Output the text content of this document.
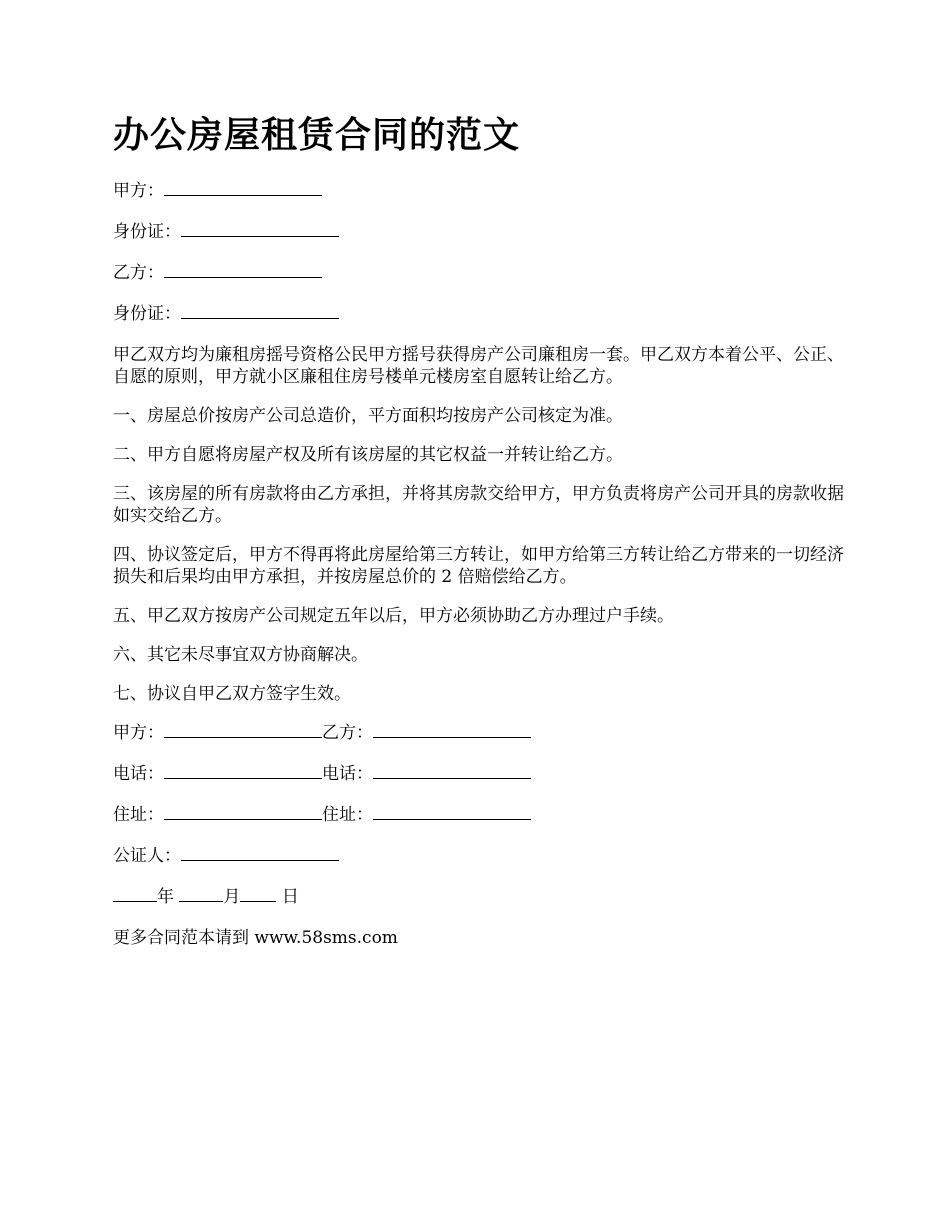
办公房屋租赁合同的范文
甲方：
身份证：
乙方：
身份证：
甲乙双方均为廉租房摇号资格公民甲方摇号获得房产公司廉租房一套。甲乙双方本着公平、公正、自愿的原则，甲方就小区廉租住房号楼单元楼房室自愿转让给乙方。
一、房屋总价按房产公司总造价，平方面积均按房产公司核定为准。
二、甲方自愿将房屋产权及所有该房屋的其它权益一并转让给乙方。
三、该房屋的所有房款将由乙方承担，并将其房款交给甲方，甲方负责将房产公司开具的房款收据如实交给乙方。
四、协议签定后，甲方不得再将此房屋给第三方转让，如甲方给第三方转让给乙方带来的一切经济损失和后果均由甲方承担，并按房屋总价的 2 倍赔偿给乙方。
五、甲乙双方按房产公司规定五年以后，甲方必须协助乙方办理过户手续。
六、其它未尽事宜双方协商解决。
七、协议自甲乙双方签字生效。
甲方：	乙方：
电话：	电话：
住址：	住址：
公证人：
年	月 日
更多合同范本请到 www.58sms.com
